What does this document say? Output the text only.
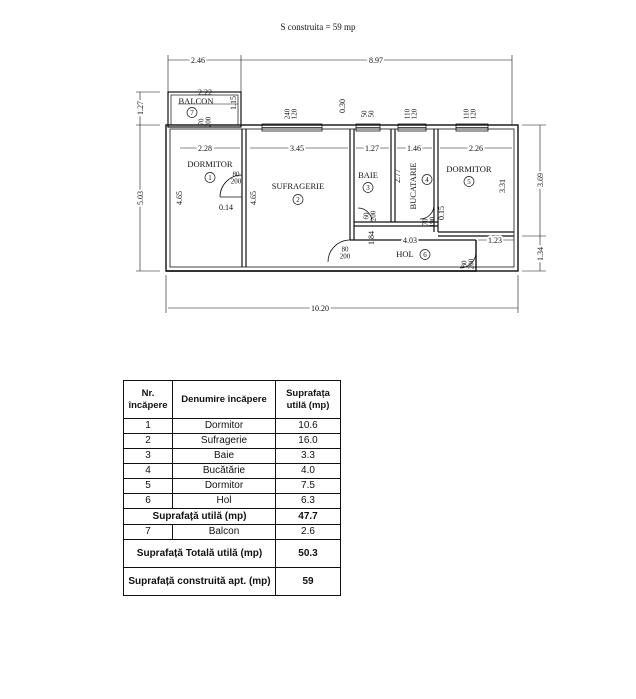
S construita = 59 mp
2.46	8.97
10.20
2.22
2.28	3.45	1.27	1.46	2.26
4.03	1.23
0.14
1.27
5.03
3.69
1.34
1.15
4.65	4.65
0.30
2.77
3.31
1.84
0.15
240120	5050	110120	110120
70200
80 200
60200
70190
80 200
80200
BALCON
7
DORMITOR
1
SUFRAGERIE
2
BAIE
3	BUCATARIE 4
DORMITOR
5
HOL 6
Nr.
încăpere	Denumire încăpere	Suprafața
utilă (mp)
1	Dormitor	10.6
2	Sufragerie	16.0
3	Baie	3.3
4	Bucătărie	4.0
5	Dormitor	7.5
6	Hol	6.3
Suprafață utilă (mp)		47.7
7	Balcon	2.6
Suprafață Totală utilă (mp)		50.3
Suprafață construită apt. (mp)		59
